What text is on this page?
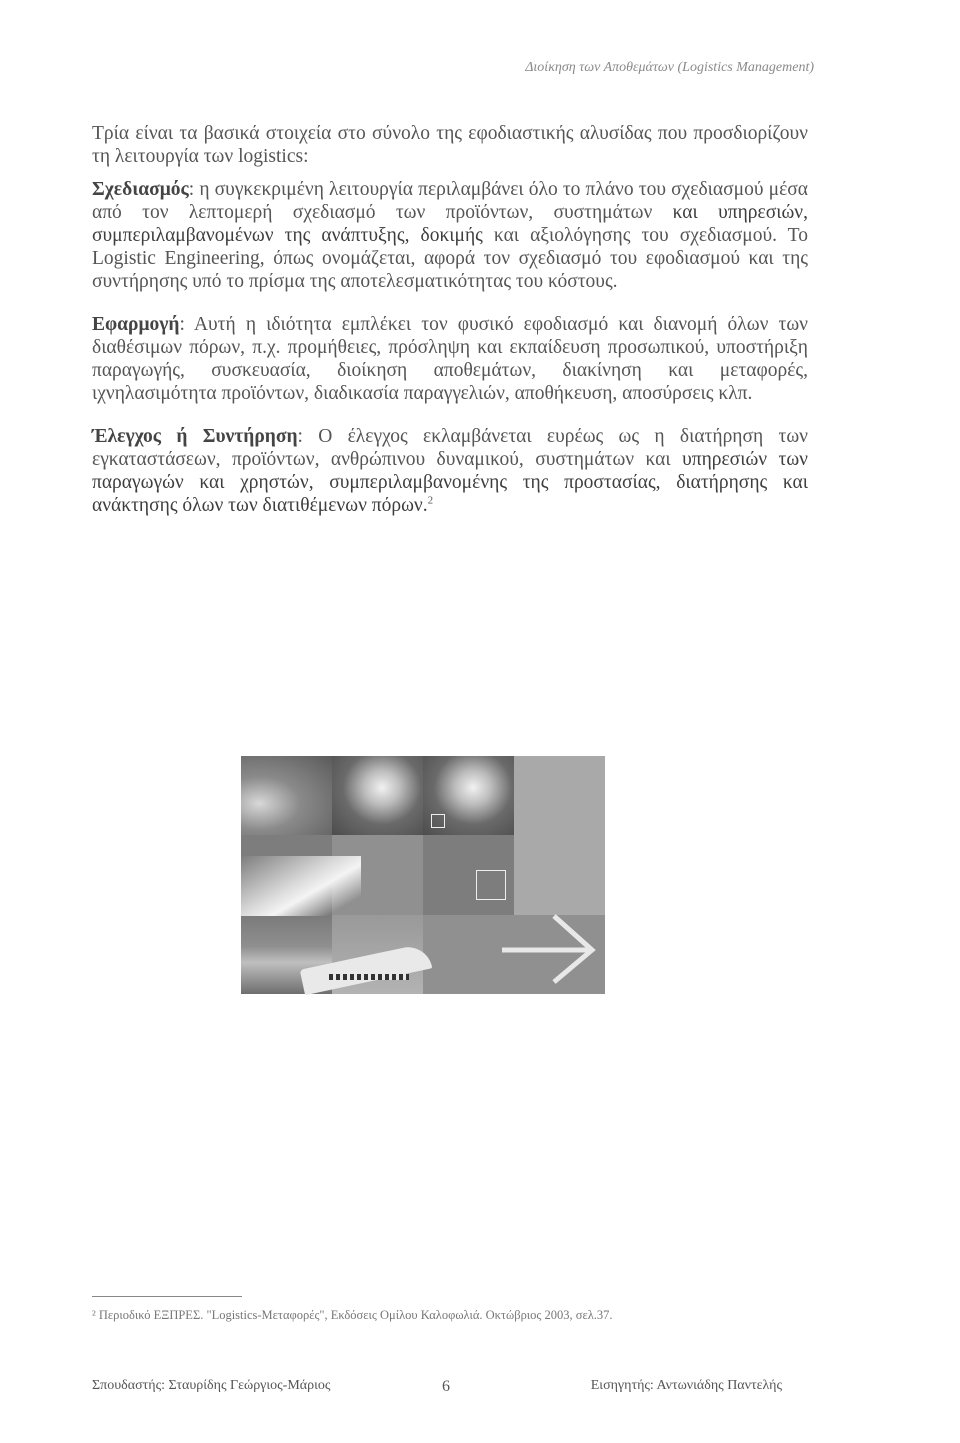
Διοίκηση των Αποθεμάτων (Logistics Management)

Τρία είναι τα βασικά στοιχεία στο σύνολο της εφοδιαστικής αλυσίδας που προσδιορίζουν τη λειτουργία των logistics:

Σχεδιασμός: η συγκεκριμένη λειτουργία περιλαμβάνει όλο το πλάνο του σχεδιασμού μέσα από τον λεπτομερή σχεδιασμό των προϊόντων, συστημάτων και υπηρεσιών, συμπεριλαμβανομένων της ανάπτυξης, δοκιμής και αξιολόγησης του σχεδιασμού. Το Logistic Engineering, όπως ονομάζεται, αφορά τον σχεδιασμό του εφοδιασμού και της συντήρησης υπό το πρίσμα της αποτελεσματικότητας του κόστους.

Εφαρμογή: Αυτή η ιδιότητα εμπλέκει τον φυσικό εφοδιασμό και διανομή όλων των διαθέσιμων πόρων, π.χ. προμήθειες, πρόσληψη και εκπαίδευση προσωπικού, υποστήριξη παραγωγής, συσκευασία, διοίκηση αποθεμάτων, διακίνηση και μεταφορές, ιχνηλασιμότητα προϊόντων, διαδικασία παραγγελιών, αποθήκευση, αποσύρσεις κλπ.

Έλεγχος ή Συντήρηση: Ο έλεγχος εκλαμβάνεται ευρέως ως η διατήρηση των εγκαταστάσεων, προϊόντων, ανθρώπινου δυναμικού, συστημάτων και υπηρεσιών των παραγωγών και χρηστών, συμπεριλαμβανομένης της προστασίας, διατήρησης και ανάκτησης όλων των διατιθέμενων πόρων.$^2$

² Περιοδικό ΕΞΠΡΕΣ. "Logistics-Μεταφορές", Εκδόσεις Ομίλου Καλοφωλιά. Οκτώβριος 2003, σελ.37.
Σπουδαστής: Σταυρίδης Γεώργιος-Μάριος	6	Εισηγητής: Αντωνιάδης Παντελής
